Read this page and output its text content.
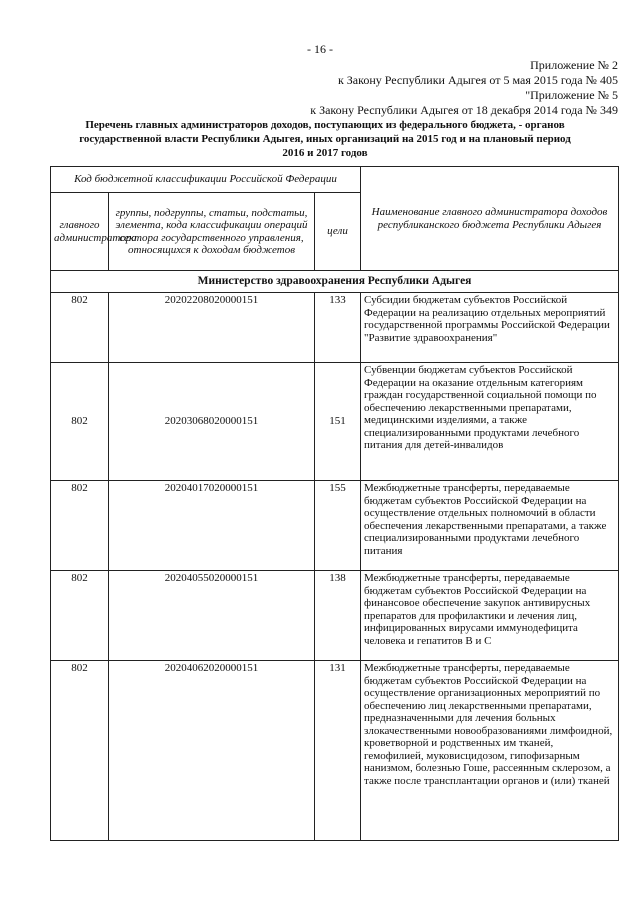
- 16 -
Приложение № 2
к Закону Республики Адыгея от 5 мая 2015 года № 405
"Приложение № 5
к Закону Республики Адыгея от 18 декабря 2014 года № 349
Перечень главных администраторов доходов, поступающих из федерального бюджета, - органов государственной власти Республики Адыгея, иных организаций на 2015 год и на плановый период 2016 и 2017 годов
Код бюджетной классификации Российской Федерации			Наименование главного администратора доходов республиканского бюджета Республики Адыгея
главного администратора	группы, подгруппы, статьи, подстатьи, элемента, кода классификации операций сектора государственного управления, относящихся к доходам бюджетов	цели	
Министерство здравоохранения Республики Адыгея			
802	20202208020000151	133	Субсидии бюджетам субъектов Российской Федерации на реализацию отдельных мероприятий государственной программы Российской Федерации "Развитие здравоохранения"
802	20203068020000151	151	Субвенции бюджетам субъектов Российской Федерации на оказание отдельным категориям граждан государственной социальной помощи по обеспечению лекарственными препаратами, медицинскими изделиями, а также специализированными продуктами лечебного питания для детей-инвалидов
802	20204017020000151	155	Межбюджетные трансферты, передаваемые бюджетам субъектов Российской Федерации на осуществление отдельных полномочий в области обеспечения лекарственными препаратами, а также специализированными продуктами лечебного питания
802	20204055020000151	138	Межбюджетные трансферты, передаваемые бюджетам субъектов Российской Федерации на финансовое обеспечение закупок антивирусных препаратов для профилактики и лечения лиц, инфицированных вирусами иммунодефицита человека и гепатитов В и С
802	20204062020000151	131	Межбюджетные трансферты, передаваемые бюджетам субъектов Российской Федерации на осуществление организационных мероприятий по обеспечению лиц лекарственными препаратами, предназначенными для лечения больных злокачественными новообразованиями лимфоидной, кроветворной и родственных им тканей, гемофилией, муковисцидозом, гипофизарным нанизмом, болезнью Гоше, рассеянным склерозом, а также после трансплантации органов и (или) тканей
